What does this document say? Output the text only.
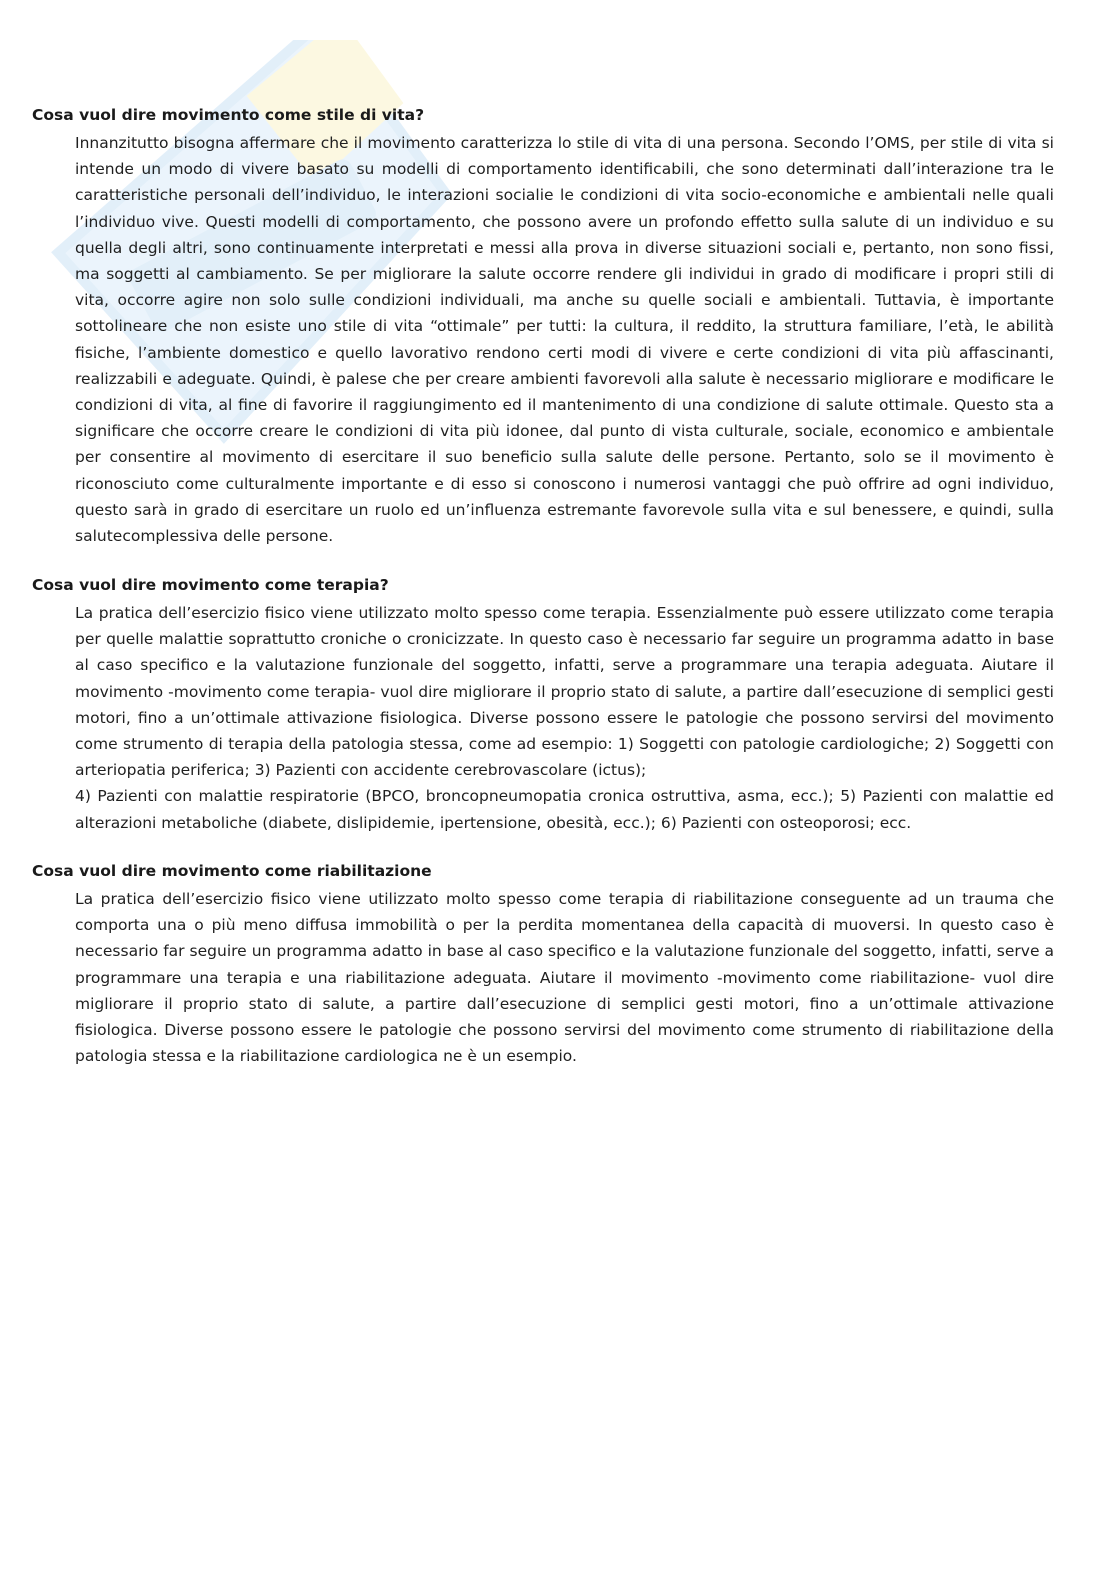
Cosa vuol dire movimento come stile di vita?

Innanzitutto bisogna affermare che il movimento caratterizza lo stile di vita di una persona. Secondo l’OMS, per stile di vita si intende un modo di vivere basato su modelli di comportamento identificabili, che sono determinati dall’interazione tra le caratteristiche personali dell’individuo, le interazioni socialie le condizioni di vita socio-economiche e ambientali nelle quali l’individuo vive. Questi modelli di comportamento, che possono avere un profondo effetto sulla salute di un individuo e su quella degli altri, sono continuamente interpretati e messi alla prova in diverse situazioni sociali e, pertanto, non sono fissi, ma soggetti al cambiamento. Se per migliorare la salute occorre rendere gli individui in grado di modificare i propri stili di vita, occorre agire non solo sulle condizioni individuali, ma anche su quelle sociali e ambientali. Tuttavia, è importante sottolineare che non esiste uno stile di vita “ottimale” per tutti: la cultura, il reddito, la struttura familiare, l’età, le abilità fisiche, l’ambiente domestico e quello lavorativo rendono certi modi di vivere e certe condizioni di vita più affascinanti, realizzabili e adeguate. Quindi, è palese che per creare ambienti favorevoli alla salute è necessario migliorare e modificare le condizioni di vita, al fine di favorire il raggiungimento ed il mantenimento di una condizione di salute ottimale. Questo sta a significare che occorre creare le condizioni di vita più idonee, dal punto di vista culturale, sociale, economico e ambientale per consentire al movimento di esercitare il suo beneficio sulla salute delle persone. Pertanto, solo se il movimento è riconosciuto come culturalmente importante e di esso si conoscono i numerosi vantaggi che può offrire ad ogni individuo, questo sarà in grado di esercitare un ruolo ed un’influenza estremante favorevole sulla vita e sul benessere, e quindi, sulla salutecomplessiva delle persone.

Cosa vuol dire movimento come terapia?

La pratica dell’esercizio fisico viene utilizzato molto spesso come terapia. Essenzialmente può essere utilizzato come terapia per quelle malattie soprattutto croniche o cronicizzate. In questo caso è necessario far seguire un programma adatto in base al caso specifico e la valutazione funzionale del soggetto, infatti, serve a programmare una terapia adeguata. Aiutare il movimento -movimento come terapia- vuol dire migliorare il proprio stato di salute, a partire dall’esecuzione di semplici gesti motori, fino a un’ottimale attivazione fisiologica. Diverse possono essere le patologie che possono servirsi del movimento come strumento di terapia della patologia stessa, come ad esempio: 1) Soggetti con patologie cardiologiche; 2) Soggetti con arteriopatia periferica; 3) Pazienti con accidente cerebrovascolare (ictus);

4) Pazienti con malattie respiratorie (BPCO, broncopneumopatia cronica ostruttiva, asma, ecc.); 5) Pazienti con malattie ed alterazioni metaboliche (diabete, dislipidemie, ipertensione, obesità, ecc.); 6) Pazienti con osteoporosi; ecc.

Cosa vuol dire movimento come riabilitazione

La pratica dell’esercizio fisico viene utilizzato molto spesso come terapia di riabilitazione conseguente ad un trauma che comporta una o più meno diffusa immobilità o per la perdita momentanea della capacità di muoversi. In questo caso è necessario far seguire un programma adatto in base al caso specifico e la valutazione funzionale del soggetto, infatti, serve a programmare una terapia e una riabilitazione adeguata. Aiutare il movimento -movimento come riabilitazione- vuol dire migliorare il proprio stato di salute, a partire dall’esecuzione di semplici gesti motori, fino a un’ottimale attivazione fisiologica. Diverse possono essere le patologie che possono servirsi del movimento come strumento di riabilitazione della patologia stessa e la riabilitazione cardiologica ne è un esempio.
